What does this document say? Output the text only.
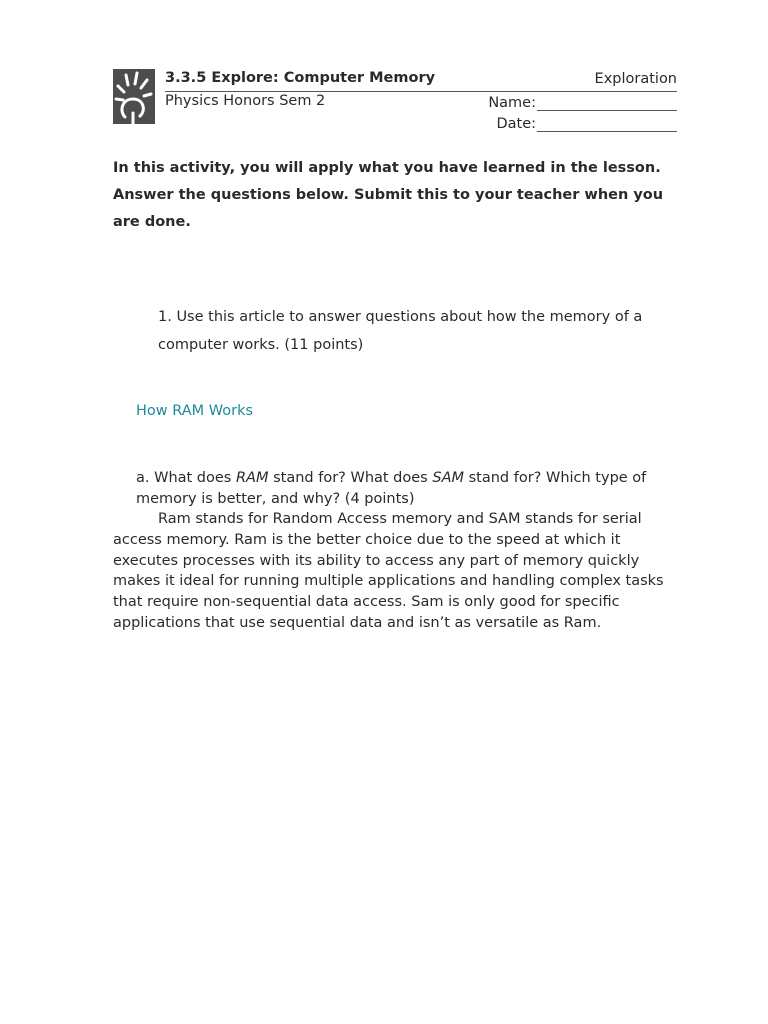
3.3.5 Explore: Computer Memory	Exploration
Physics Honors Sem 2	Name:
Date:
In this activity, you will apply what you have learned in the lesson. Answer the questions below. Submit this to your teacher when you are done.
1. Use this article to answer questions about how the memory of a computer works. (11 points)
How RAM Works
a. What does RAM stand for? What does SAM stand for? Which type of memory is better, and why? (4 points)
Ram stands for Random Access memory and SAM stands for serial access memory. Ram is the better choice due to the speed at which it executes processes with its ability to access any part of memory quickly makes it ideal for running multiple applications and handling complex tasks that require non-sequential data access. Sam is only good for specific applications that use sequential data and isn’t as versatile as Ram.
